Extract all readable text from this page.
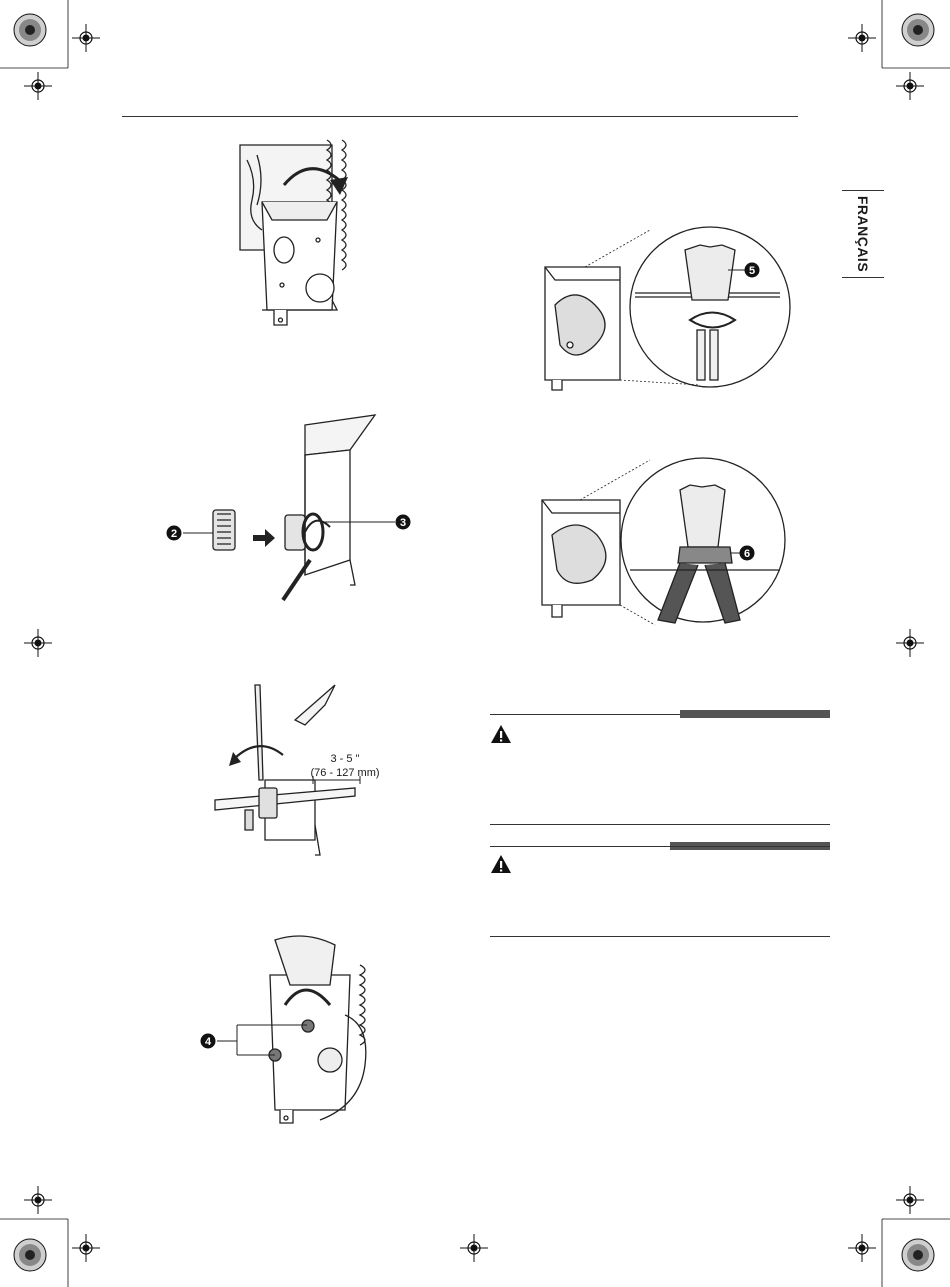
FRANÇAIS
2
3
3 - 5 "
(76 - 127 mm)
4
5
6
